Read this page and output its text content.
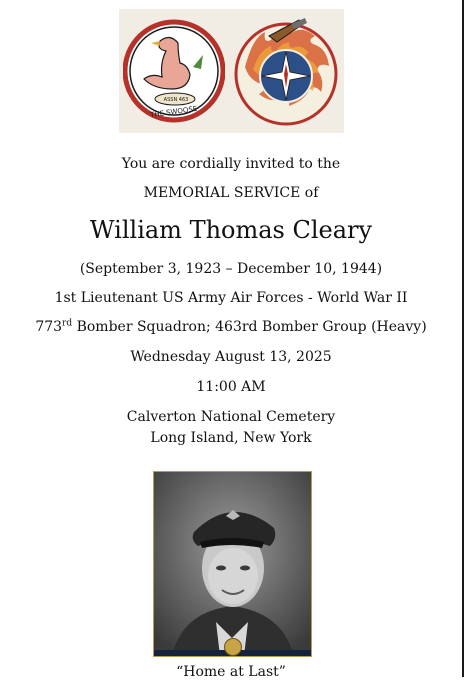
ASSN 463
THE SWOOSE
You are cordially invited to the
MEMORIAL SERVICE of
William Thomas Cleary
(September 3, 1923 – December 10, 1944)
1st Lieutenant US Army Air Forces - World War II
773rd Bomber Squadron; 463rd Bomber Group (Heavy)
Wednesday August 13, 2025
11:00 AM
Calverton National Cemetery
Long Island, New York
“Home at Last”
